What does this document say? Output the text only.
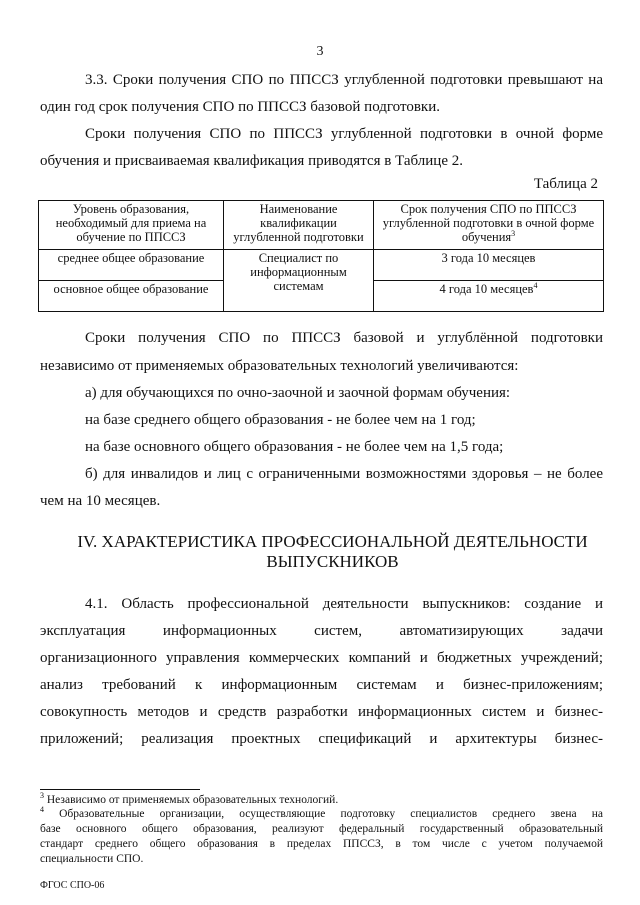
3
3.3. Сроки получения СПО по ППССЗ углубленной подготовки превышают на
один год срок получения СПО по ППССЗ базовой подготовки.
Сроки получения СПО по ППССЗ углубленной подготовки в очной форме
обучения и присваиваемая квалификация приводятся в Таблице 2.
Таблица 2
Уровень образования, необходимый для приема на обучение по ППССЗ	Наименование квалификации углубленной подготовки	Срок получения СПО по ППССЗ углубленной подготовки в очной форме обучения$^3$
среднее общее образование	Специалист по информационным системам	3 года 10 месяцев
основное общее образование		4 года 10 месяцев$^4$
Сроки получения СПО по ППССЗ базовой и углублённой подготовки
независимо от применяемых образовательных технологий увеличиваются:
а) для обучающихся по очно-заочной и заочной формам обучения:
на базе среднего общего образования - не более чем на 1 год;
на базе основного общего образования - не более чем на 1,5 года;
б) для инвалидов и лиц с ограниченными возможностями здоровья – не более
чем на 10 месяцев.
IV. ХАРАКТЕРИСТИКА ПРОФЕССИОНАЛЬНОЙ ДЕЯТЕЛЬНОСТИ
ВЫПУСКНИКОВ
4.1. Область профессиональной деятельности выпускников: создание и
эксплуатация информационных систем, автоматизирующих задачи
организационного управления коммерческих компаний и бюджетных учреждений;
анализ требований к информационным системам и бизнес-приложениям;
совокупность методов и средств разработки информационных систем и бизнес-
приложений; реализация проектных спецификаций и архитектуры бизнес-
$^3$ Независимо от применяемых образовательных технологий.
$^4$ Образовательные организации, осуществляющие подготовку специалистов среднего звена на
базе основного общего образования, реализуют федеральный государственный образовательный
стандарт среднего общего образования в пределах ППССЗ, в том числе с учетом получаемой
специальности СПО.
ФГОС СПО-06
